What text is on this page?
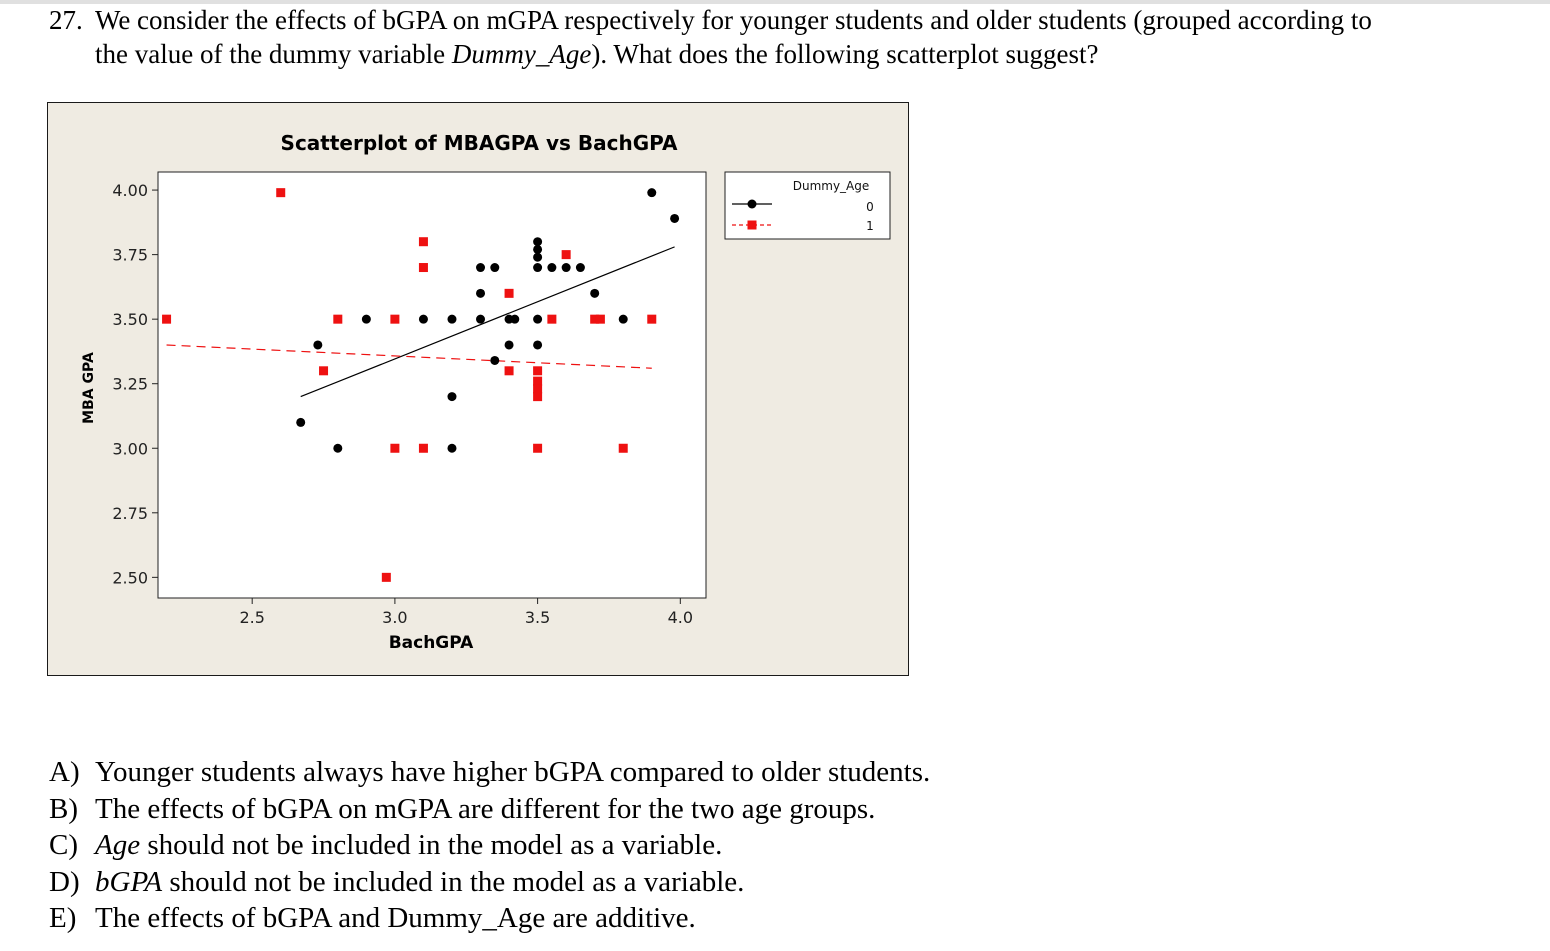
27. We consider the effects of bGPA on mGPA respectively for younger students and older students (grouped according to
the value of the dummy variable Dummy_Age). What does the following scatterplot suggest?
Scatterplot of MBAGPA vs BachGPA
2.50
2.75
3.00
3.25
3.50
3.75
4.00
2.5	3.0	3.5	4.0
BachGPA
MBA GPA
Dummy_Age
0
1
A) Younger students always have higher bGPA compared to older students.
B) The effects of bGPA on mGPA are different for the two age groups.
C) Age should not be included in the model as a variable.
D) bGPA should not be included in the model as a variable.
E) The effects of bGPA and Dummy_Age are additive.
